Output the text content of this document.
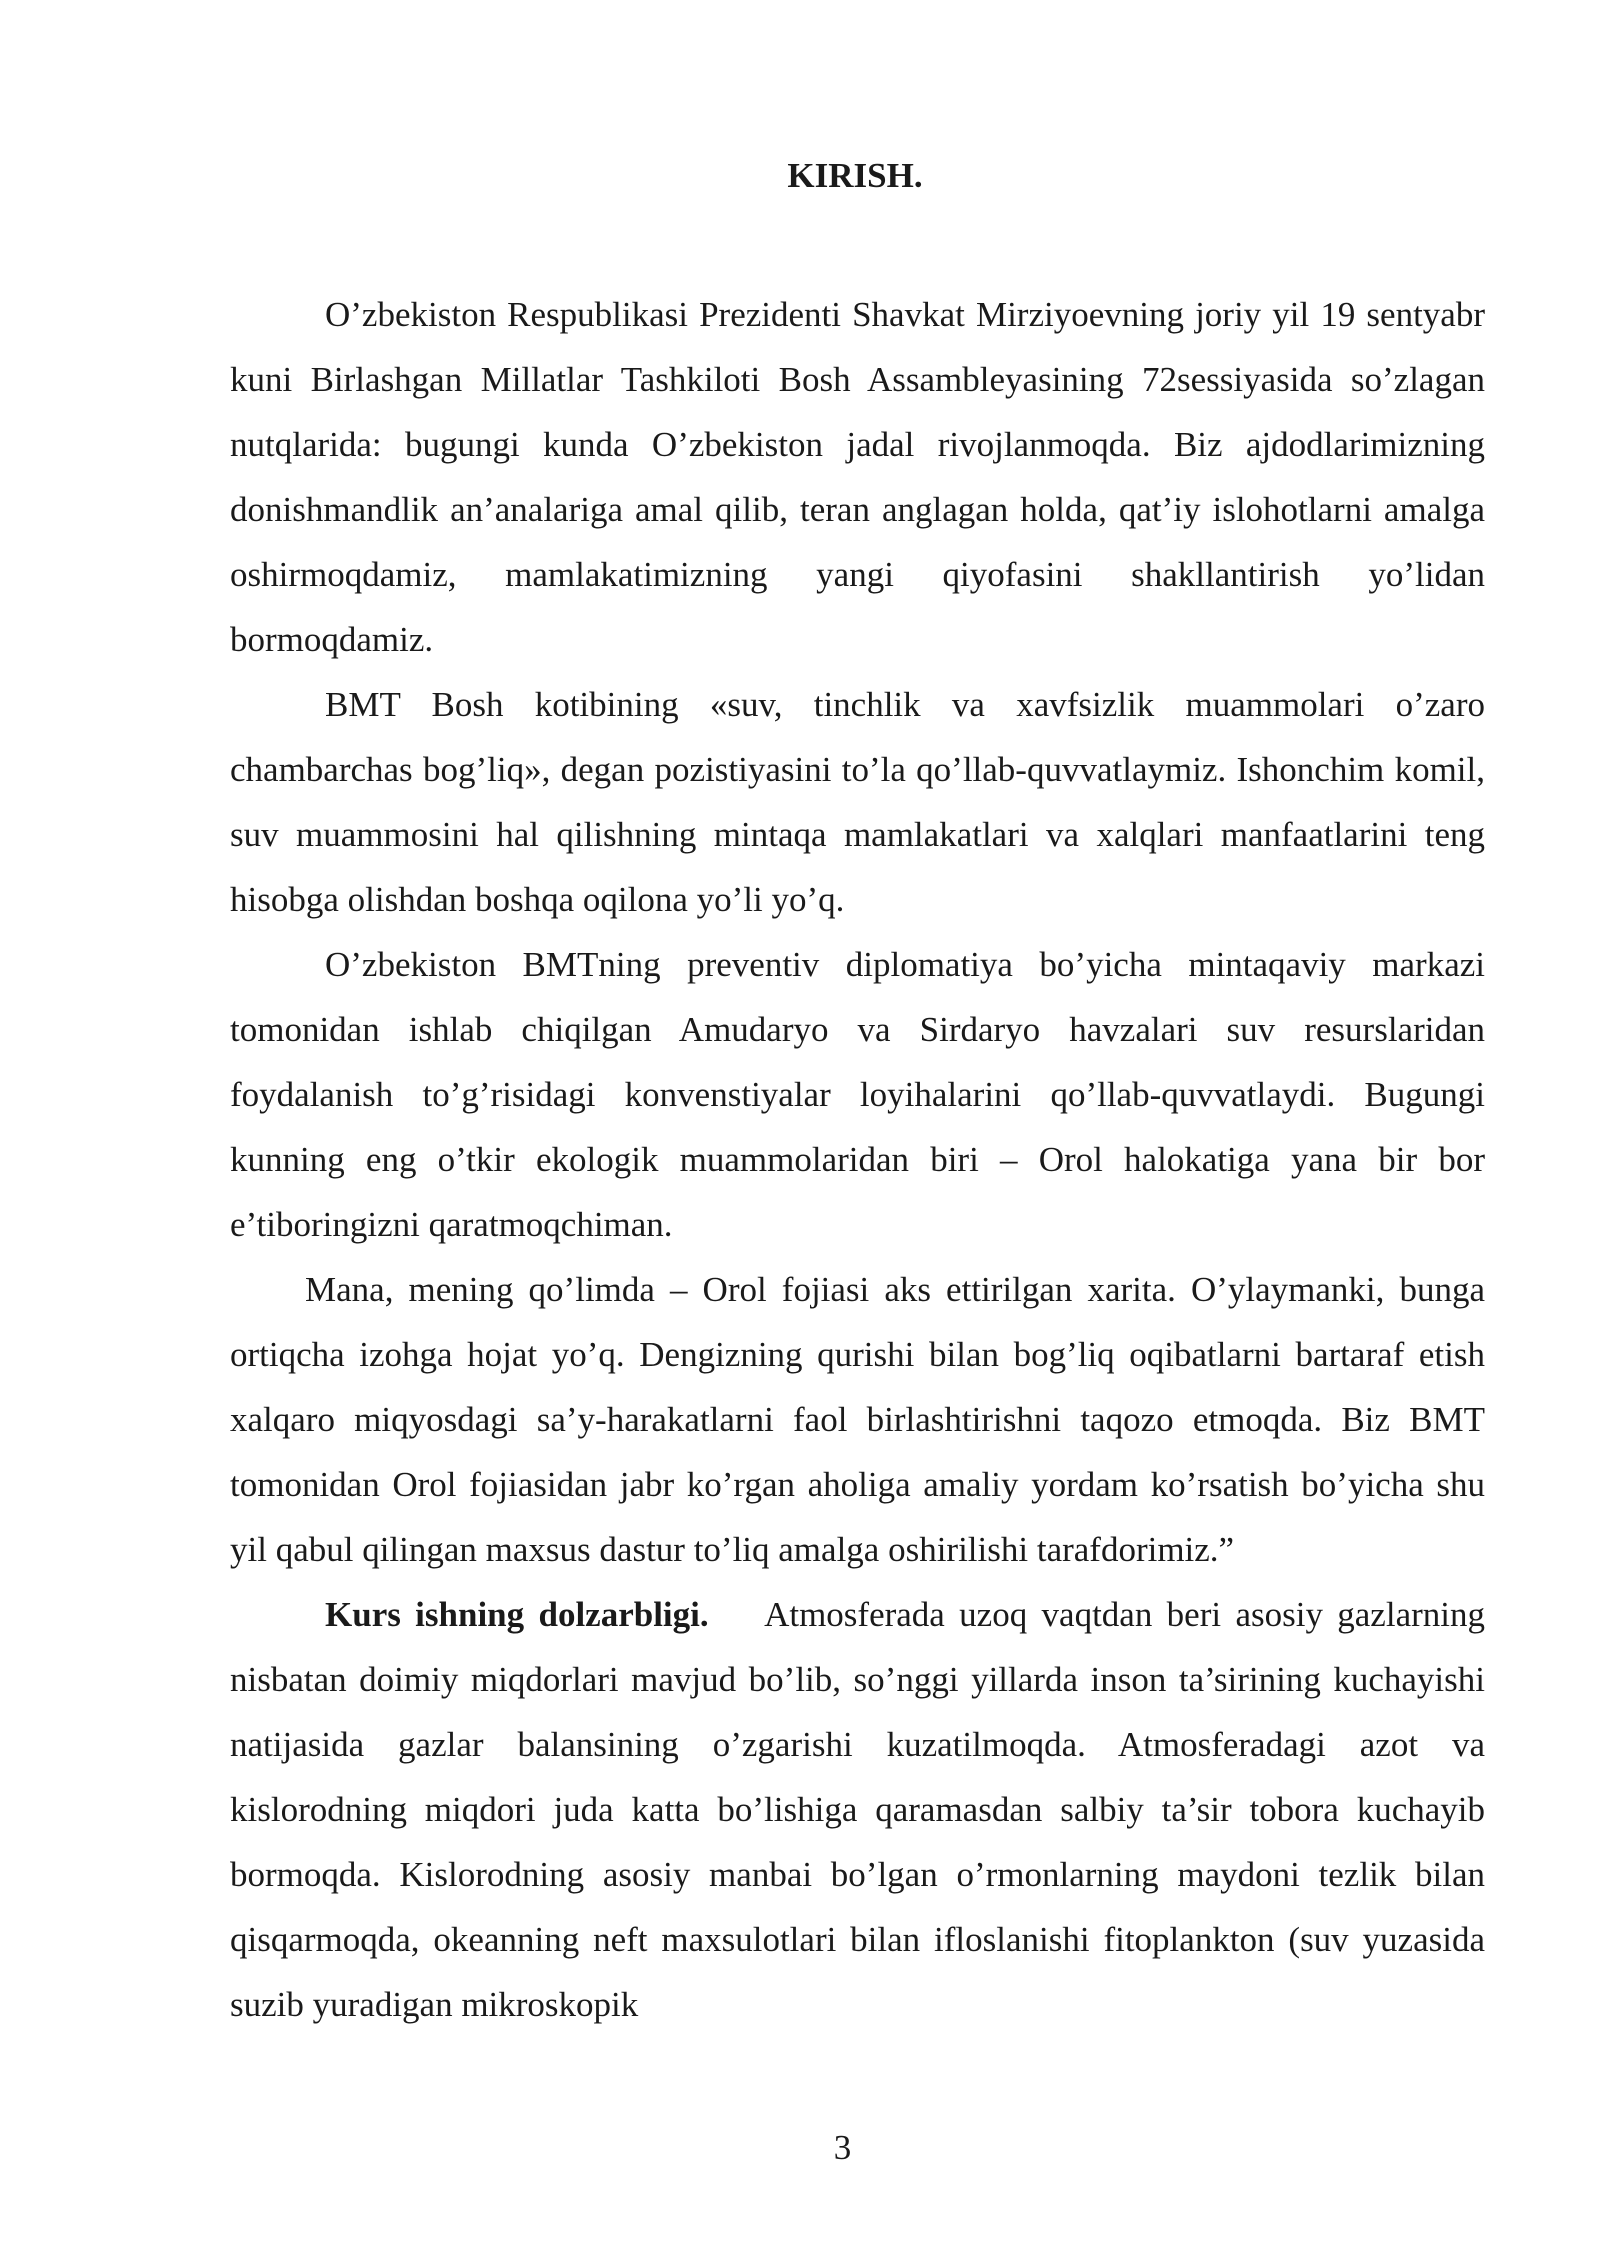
KIRISH.

O’zbekiston Respublikasi Prezidenti Shavkat Mirziyoevning joriy yil 19 sentyabr kuni Birlashgan Millatlar Tashkiloti Bosh Assambleyasining 72sessiyasida so’zlagan nutqlarida: bugungi kunda O’zbekiston jadal rivojlanmoqda. Biz ajdodlarimizning donishmandlik an’analariga amal qilib, teran anglagan holda, qat’iy islohotlarni amalga oshirmoqdamiz, mamlakatimizning yangi qiyofasini shakllantirish yo’lidan bormoqdamiz.

BMT Bosh kotibining «suv, tinchlik va xavfsizlik muammolari o’zaro chambarchas bog’liq», degan pozistiyasini to’la qo’llab-quvvatlaymiz. Ishonchim komil, suv muammosini hal qilishning mintaqa mamlakatlari va xalqlari manfaatlarini teng hisobga olishdan boshqa oqilona yo’li yo’q.

O’zbekiston BMTning preventiv diplomatiya bo’yicha mintaqaviy markazi tomonidan ishlab chiqilgan Amudaryo va Sirdaryo havzalari suv resurslaridan foydalanish to’g’risidagi konvenstiyalar loyihalarini qo’llab-quvvatlaydi. Bugungi kunning eng o’tkir ekologik muammolaridan biri – Orol halokatiga yana bir bor e’tiboringizni qaratmoqchiman.

Mana, mening qo’limda – Orol fojiasi aks ettirilgan xarita. O’ylaymanki, bunga ortiqcha izohga hojat yo’q. Dengizning qurishi bilan bog’liq oqibatlarni bartaraf etish xalqaro miqyosdagi sa’y-harakatlarni faol birlashtirishni taqozo etmoqda. Biz BMT tomonidan Orol fojiasidan jabr ko’rgan aholiga amaliy yordam ko’rsatish bo’yicha shu yil qabul qilingan maxsus dastur to’liq amalga oshirilishi tarafdorimiz.”

Kurs ishning dolzarbligi. Atmosferada uzoq vaqtdan beri asosiy gazlarning nisbatan doimiy miqdorlari mavjud bo’lib, so’nggi yillarda inson ta’sirining kuchayishi natijasida gazlar balansining o’zgarishi kuzatilmoqda. Atmosferadagi azot va kislorodning miqdori juda katta bo’lishiga qaramasdan salbiy ta’sir tobora kuchayib bormoqda. Kislorodning asosiy manbai bo’lgan o’rmonlarning maydoni tezlik bilan qisqarmoqda, okeanning neft maxsulotlari bilan ifloslanishi fitoplankton (suv yuzasida suzib yuradigan mikroskopik

3
